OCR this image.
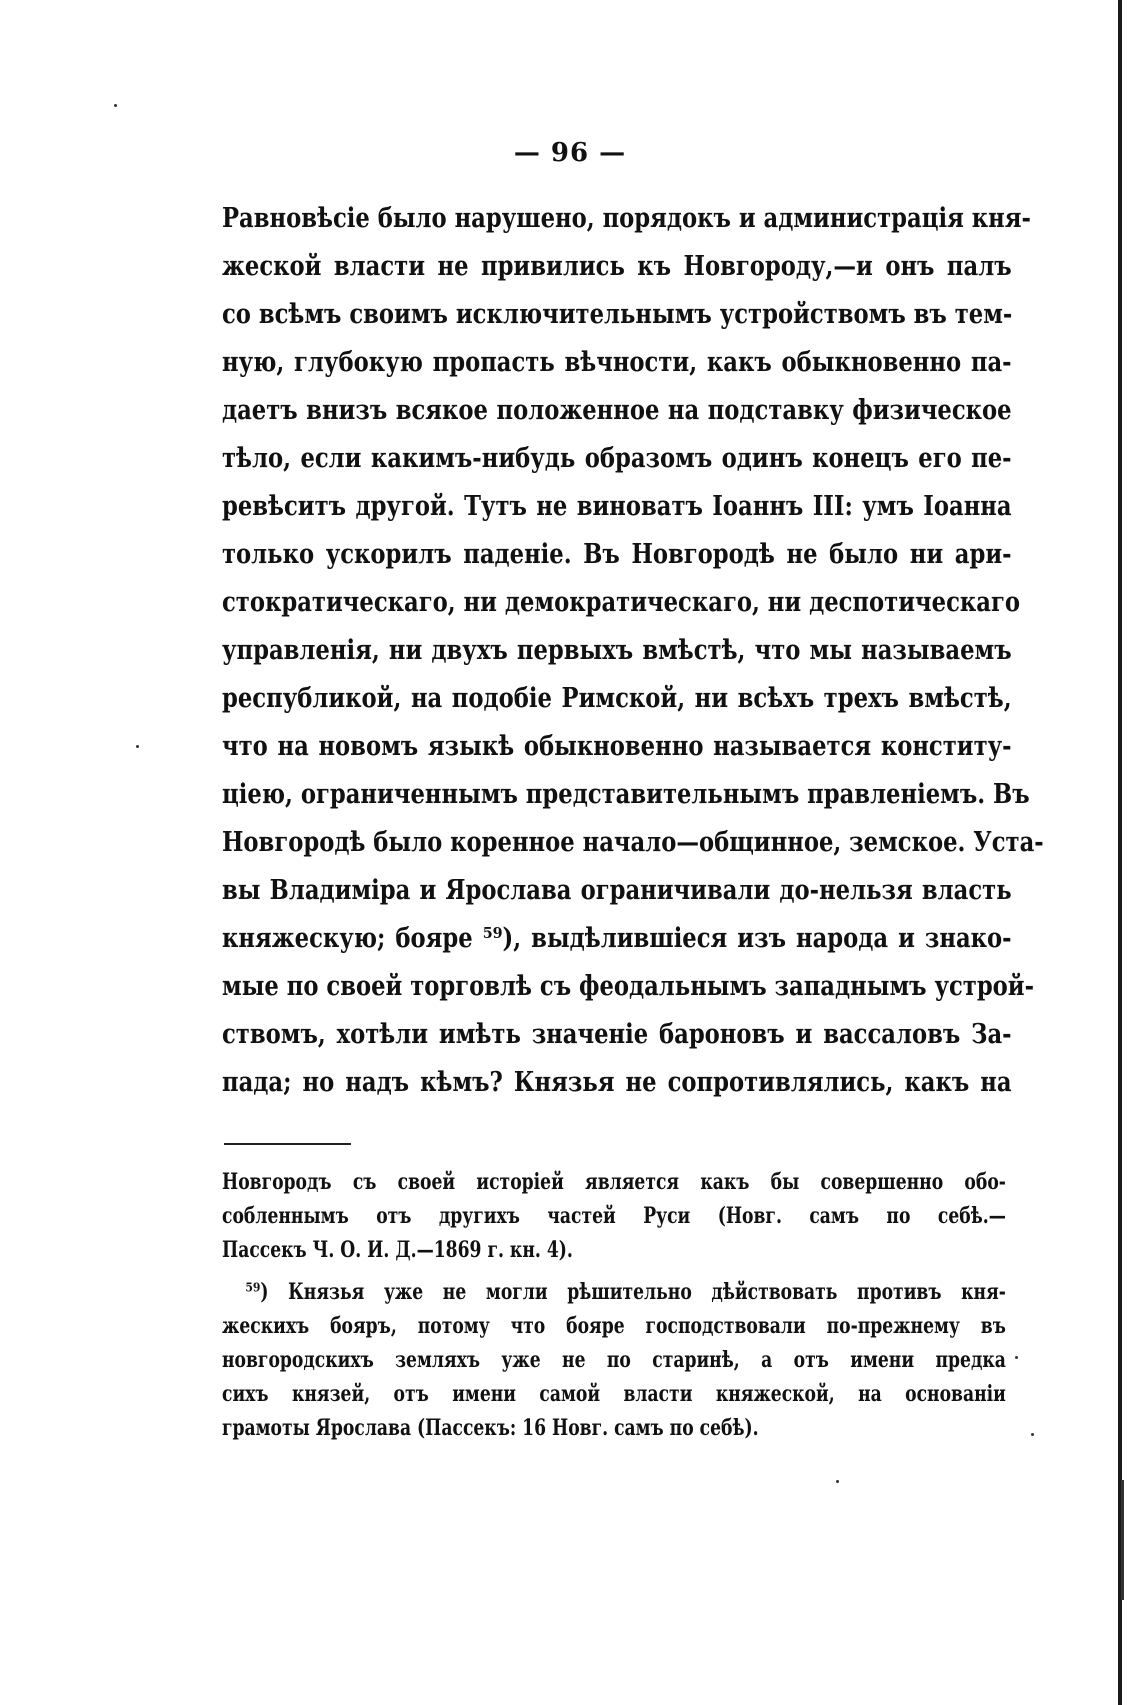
— 96 —
Равновѣсіе было нарушено, порядокъ и администрація кня-
жеской власти не привились къ Новгороду,—и онъ палъ
со всѣмъ своимъ исключительнымъ устройствомъ въ тем-
ную, глубокую пропасть вѣчности, какъ обыкновенно па-
даетъ внизъ всякое положенное на подставку физическое
тѣло, если какимъ-нибудь образомъ одинъ конецъ его пе-
ревѣситъ другой. Тутъ не виноватъ Іоаннъ III: умъ Іоанна
только ускорилъ паденіе. Въ Новгородѣ не было ни ари-
стократическаго, ни демократическаго, ни деспотическаго
управленія, ни двухъ первыхъ вмѣстѣ, что мы называемъ
республикой, на подобіе Римской, ни всѣхъ трехъ вмѣстѣ,
что на новомъ языкѣ обыкновенно называется конститу-
ціею, ограниченнымъ представительнымъ правленіемъ. Въ
Новгородѣ было коренное начало—общинное, земское. Уста-
вы Владиміра и Ярослава ограничивали до-нельзя власть
княжескую; бояре ⁵⁹), выдѣлившіеся изъ народа и знако-
мые по своей торговлѣ съ феодальнымъ западнымъ устрой-
ствомъ, хотѣли имѣть значеніе бароновъ и вассаловъ За-
пада; но надъ кѣмъ? Князья не сопротивлялись, какъ на
Новгородъ съ своей исторіей является какъ бы совершенно обо-
собленнымъ отъ другихъ частей Руси (Новг. самъ по себѣ.—
Пассекъ Ч. О. И. Д.—1869 г. кн. 4).
⁵⁹) Князья уже не могли рѣшительно дѣйствовать противъ кня-
жескихъ бояръ, потому что бояре господствовали по-прежнему въ
новгородскихъ земляхъ уже не по старинѣ, а отъ имени предка
сихъ князей, отъ имени самой власти княжеской, на основаніи
грамоты Ярослава (Пассекъ: 16 Новг. самъ по себѣ).
